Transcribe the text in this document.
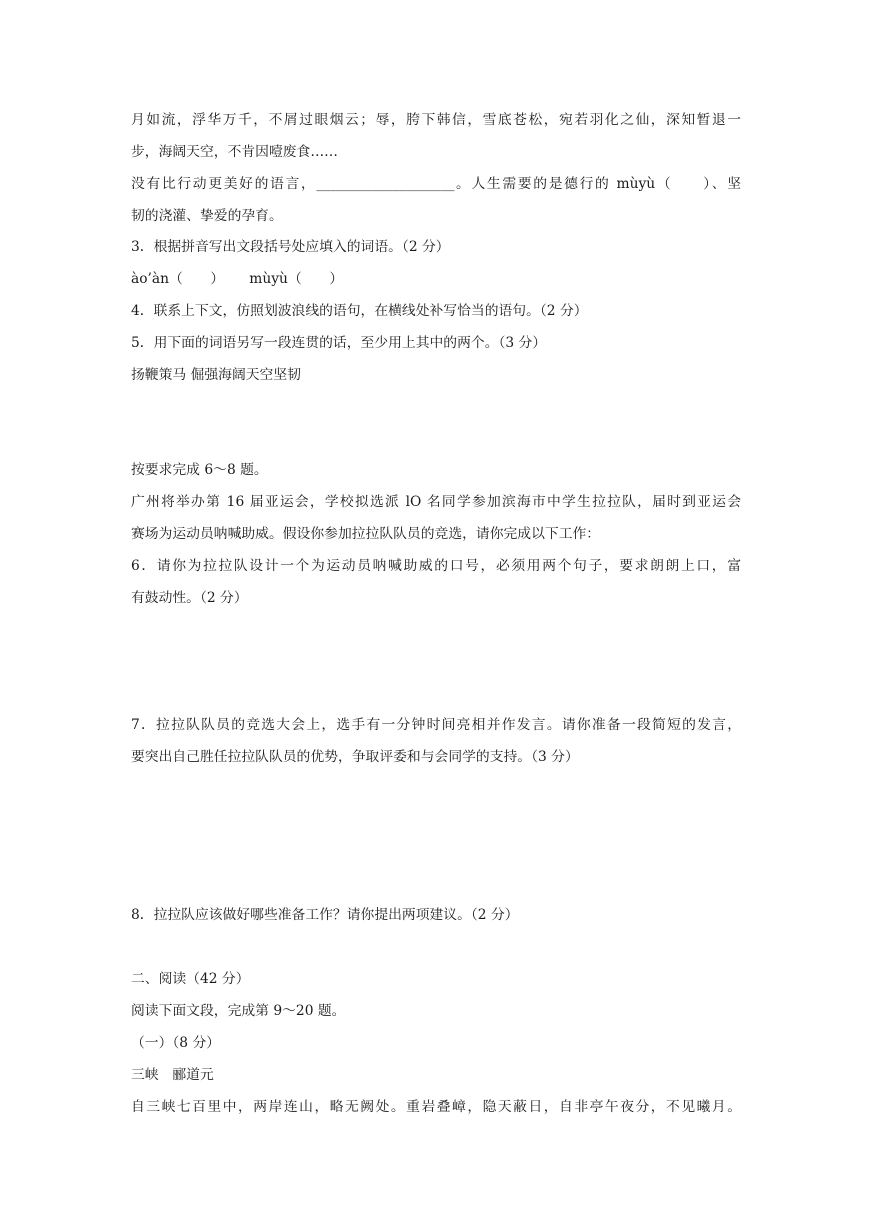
月如流，浮华万千，不屑过眼烟云；辱，胯下韩信，雪底苍松，宛若羽化之仙，深知暂退一
步，海阔天空，不肯因噎废食……
没有比行动更美好的语言，____________________。人生需要的是德行的 mùyù（　　）、坚
韧的浇灌、挚爱的孕育。
3．根据拼音写出文段括号处应填入的词语。（2 分）
ào’àn（　　）　　 mùyù（　　）
4．联系上下文，仿照划波浪线的语句，在横线处补写恰当的语句。（2 分）
5．用下面的词语另写一段连贯的话，至少用上其中的两个。（3 分）
扬鞭策马 倔强海阔天空坚韧
按要求完成 6～8 题。
广州将举办第 16 届亚运会，学校拟选派 lO 名同学参加滨海市中学生拉拉队，届时到亚运会
赛场为运动员呐喊助威。假设你参加拉拉队队员的竞选，请你完成以下工作：
6．请你为拉拉队设计一个为运动员呐喊助威的口号，必须用两个句子，要求朗朗上口，富
有鼓动性。（2 分）
7．拉拉队队员的竞选大会上，选手有一分钟时间亮相并作发言。请你准备一段简短的发言，
要突出自己胜任拉拉队队员的优势，争取评委和与会同学的支持。（3 分）
8．拉拉队应该做好哪些准备工作？请你提出两项建议。（2 分）
二、阅读（42 分）
阅读下面文段，完成第 9～20 题。
（一）（8 分）
三峡　郦道元
自三峡七百里中，两岸连山，略无阙处。重岩叠嶂，隐天蔽日，自非亭午夜分，不见曦月。
